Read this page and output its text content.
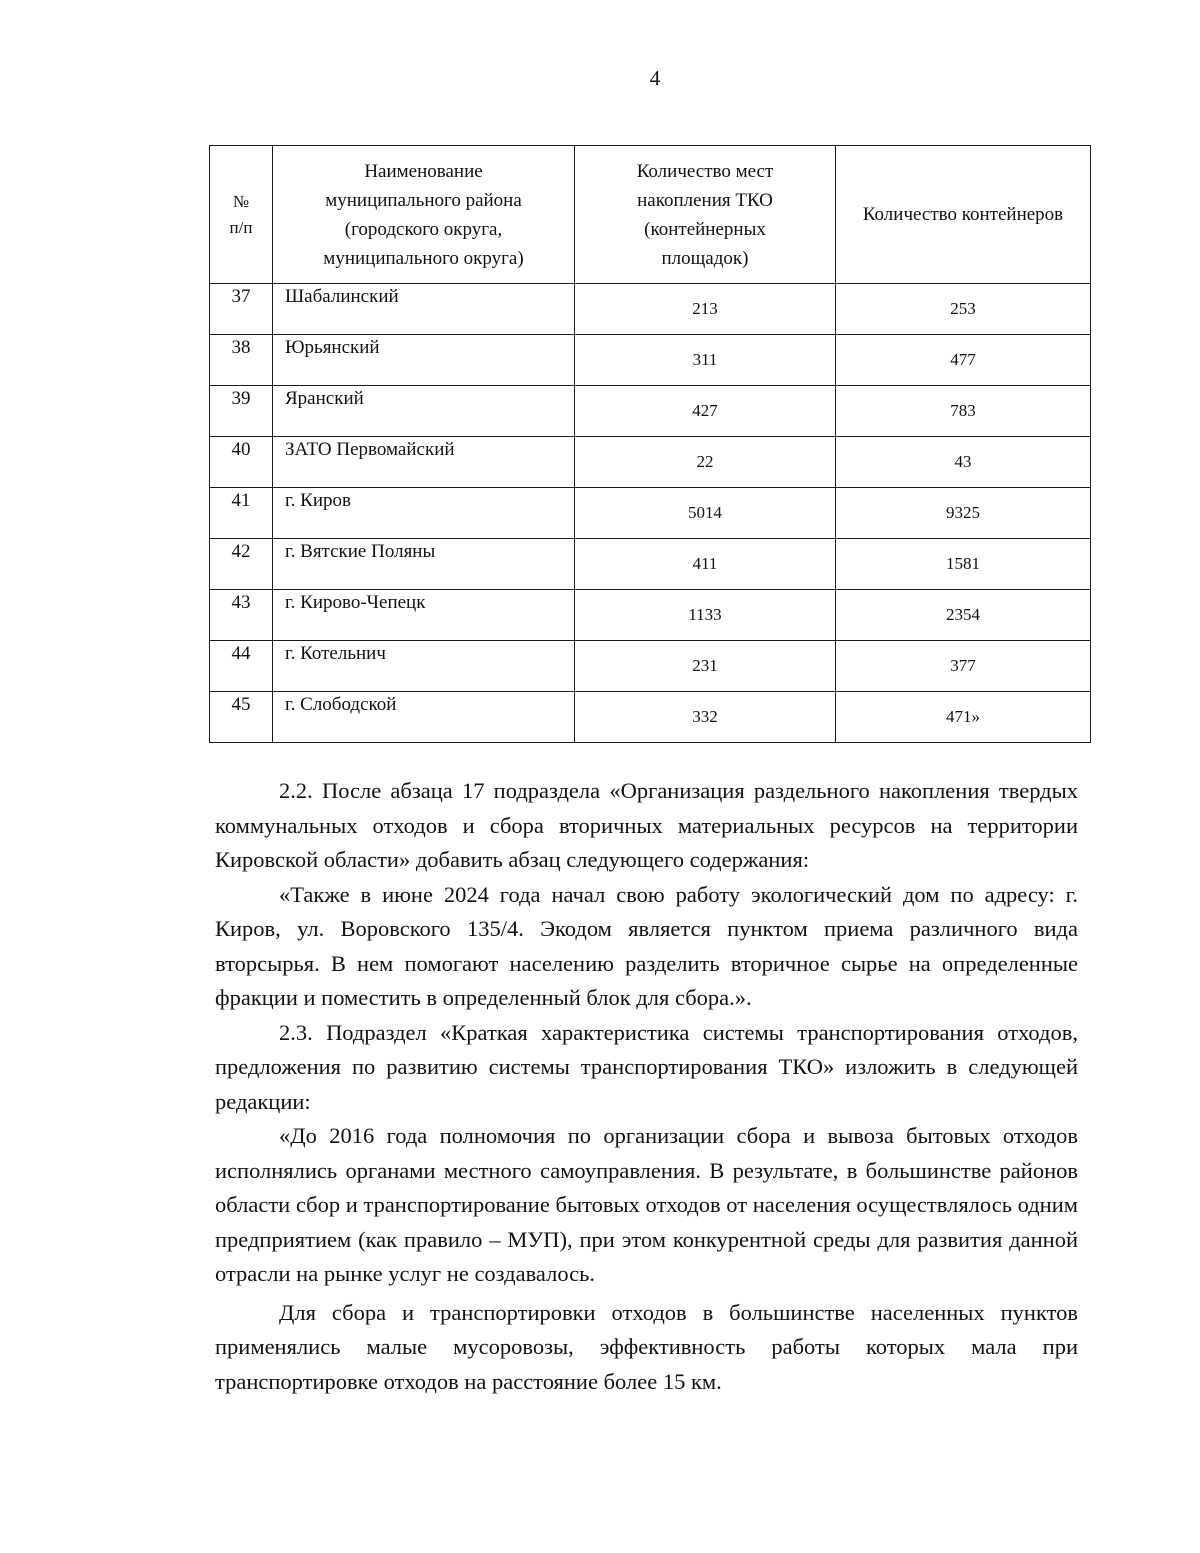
4
№ п/п	Наименование муниципального района (городского округа, муниципального округа)	Количество мест накопления ТКО (контейнерных площадок)	Количество контейнеров

37	Шабалинский	213	253
38	Юрьянский	311	477
39	Яранский	427	783
40	ЗАТО Первомайский	22	43
41	г. Киров	5014	9325
42	г. Вятские Поляны	411	1581
43	г. Кирово-Чепецк	1133	2354
44	г. Котельнич	231	377
45	г. Слободской	332	471»

2.2. После абзаца 17 подраздела «Организация раздельного накопления твердых коммунальных отходов и сбора вторичных материальных ресурсов на территории Кировской области» добавить абзац следующего содержания:

«Также в июне 2024 года начал свою работу экологический дом по адресу: г. Киров, ул. Воровского 135/4. Экодом является пунктом приема различного вида вторсырья. В нем помогают населению разделить вторичное сырье на определенные фракции и поместить в определенный блок для сбора.».

2.3. Подраздел «Краткая характеристика системы транспортирования отходов, предложения по развитию системы транспортирования ТКО» изложить в следующей редакции:

«До 2016 года полномочия по организации сбора и вывоза бытовых отходов исполнялись органами местного самоуправления. В результате, в большинстве районов области сбор и транспортирование бытовых отходов от населения осуществлялось одним предприятием (как правило – МУП), при этом конкурентной среды для развития данной отрасли на рынке услуг не создавалось.

Для сбора и транспортировки отходов в большинстве населенных пунктов применялись малые мусоровозы, эффективность работы которых мала при транспортировке отходов на расстояние более 15 км.
